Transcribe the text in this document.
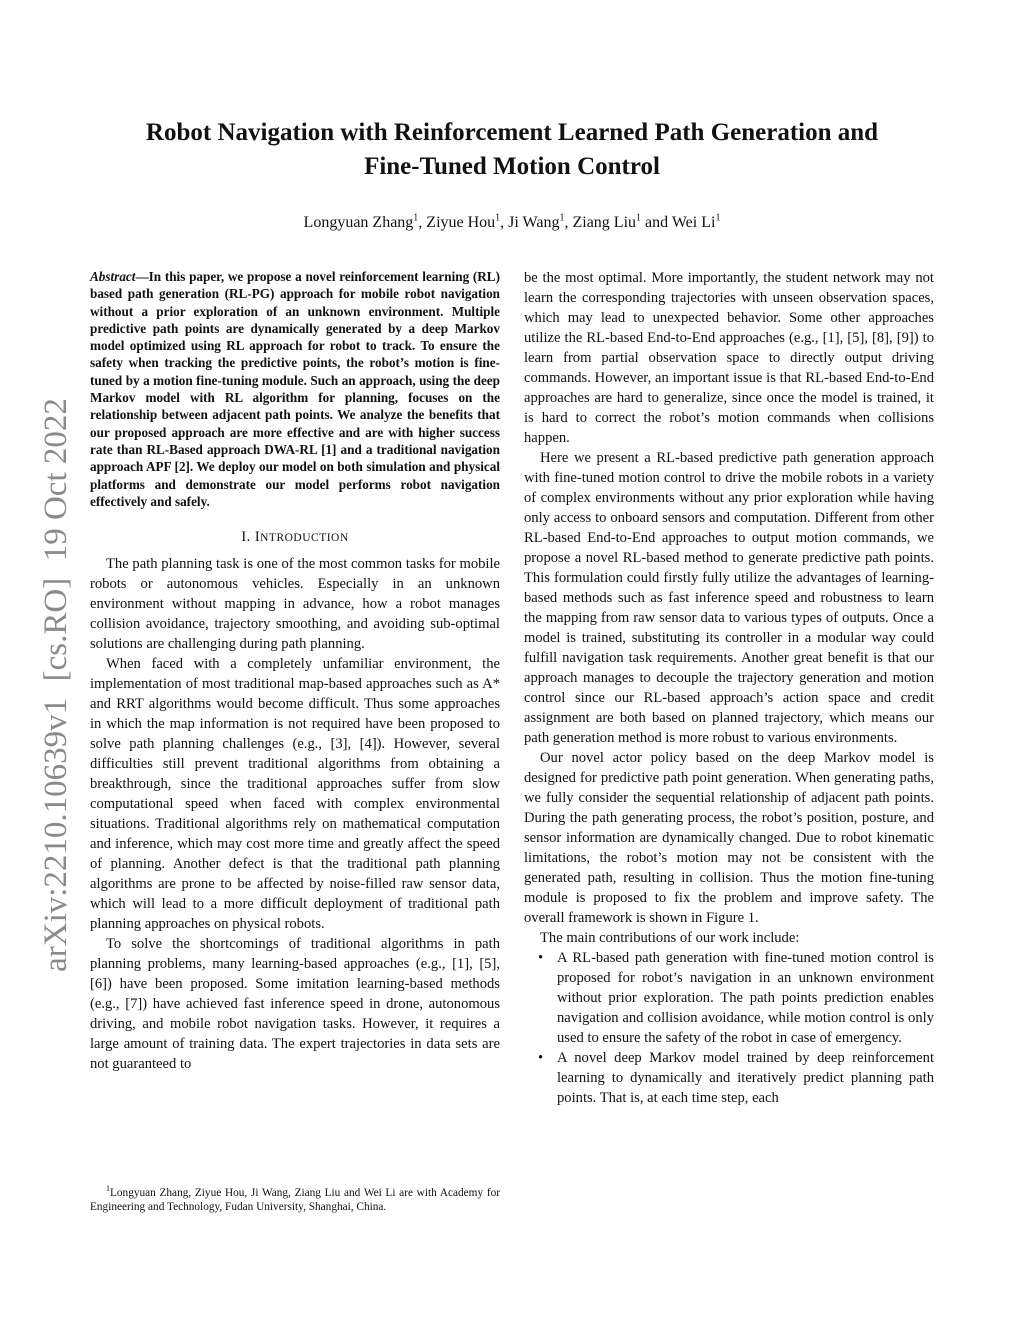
Robot Navigation with Reinforcement Learned Path Generation and
Fine-Tuned Motion Control
Longyuan Zhang$^1$, Ziyue Hou$^1$, Ji Wang$^1$, Ziang Liu$^1$ and Wei Li$^1$
arXiv:2210.10639v1  [cs.RO]  19 Oct 2022

Abstract—In this paper, we propose a novel reinforcement learning (RL) based path generation (RL-PG) approach for mobile robot navigation without a prior exploration of an unknown environment. Multiple predictive path points are dynamically generated by a deep Markov model optimized using RL approach for robot to track. To ensure the safety when tracking the predictive points, the robot’s motion is fine-tuned by a motion fine-tuning module. Such an approach, using the deep Markov model with RL algorithm for planning, focuses on the relationship between adjacent path points. We analyze the benefits that our proposed approach are more effective and are with higher success rate than RL-Based approach DWA-RL [1] and a traditional navigation approach APF [2]. We deploy our model on both simulation and physical platforms and demonstrate our model performs robot navigation effectively and safely.

I. INTRODUCTION

The path planning task is one of the most common tasks for mobile robots or autonomous vehicles. Especially in an unknown environment without mapping in advance, how a robot manages collision avoidance, trajectory smoothing, and avoiding sub-optimal solutions are challenging during path planning.

When faced with a completely unfamiliar environment, the implementation of most traditional map-based approaches such as A* and RRT algorithms would become difficult. Thus some approaches in which the map information is not required have been proposed to solve path planning challenges (e.g., [3], [4]). However, several difficulties still prevent traditional algorithms from obtaining a breakthrough, since the traditional approaches suffer from slow computational speed when faced with complex environmental situations. Traditional algorithms rely on mathematical computation and inference, which may cost more time and greatly affect the speed of planning. Another defect is that the traditional path planning algorithms are prone to be affected by noise-filled raw sensor data, which will lead to a more difficult deployment of traditional path planning approaches on physical robots.

To solve the shortcomings of traditional algorithms in path planning problems, many learning-based approaches (e.g., [1], [5], [6]) have been proposed. Some imitation learning-based methods (e.g., [7]) have achieved fast inference speed in drone, autonomous driving, and mobile robot navigation tasks. However, it requires a large amount of training data. The expert trajectories in data sets are not guaranteed to

$^1$Longyuan Zhang, Ziyue Hou, Ji Wang, Ziang Liu and Wei Li are with Academy for Engineering and Technology, Fudan University, Shanghai, China.

be the most optimal. More importantly, the student network may not learn the corresponding trajectories with unseen observation spaces, which may lead to unexpected behavior. Some other approaches utilize the RL-based End-to-End approaches (e.g., [1], [5], [8], [9]) to learn from partial observation space to directly output driving commands. However, an important issue is that RL-based End-to-End approaches are hard to generalize, since once the model is trained, it is hard to correct the robot’s motion commands when collisions happen.

Here we present a RL-based predictive path generation approach with fine-tuned motion control to drive the mobile robots in a variety of complex environments without any prior exploration while having only access to onboard sensors and computation. Different from other RL-based End-to-End approaches to output motion commands, we propose a novel RL-based method to generate predictive path points. This formulation could firstly fully utilize the advantages of learning-based methods such as fast inference speed and robustness to learn the mapping from raw sensor data to various types of outputs. Once a model is trained, substituting its controller in a modular way could fulfill navigation task requirements. Another great benefit is that our approach manages to decouple the trajectory generation and motion control since our RL-based approach’s action space and credit assignment are both based on planned trajectory, which means our path generation method is more robust to various environments.

Our novel actor policy based on the deep Markov model is designed for predictive path point generation. When generating paths, we fully consider the sequential relationship of adjacent path points. During the path generating process, the robot’s position, posture, and sensor information are dynamically changed. Due to robot kinematic limitations, the robot’s motion may not be consistent with the generated path, resulting in collision. Thus the motion fine-tuning module is proposed to fix the problem and improve safety. The overall framework is shown in Figure 1.

The main contributions of our work include:

• A RL-based path generation with fine-tuned motion control is proposed for robot’s navigation in an unknown environment without prior exploration. The path points prediction enables navigation and collision avoidance, while motion control is only used to ensure the safety of the robot in case of emergency.
• A novel deep Markov model trained by deep reinforcement learning to dynamically and iteratively predict planning path points. That is, at each time step, each
